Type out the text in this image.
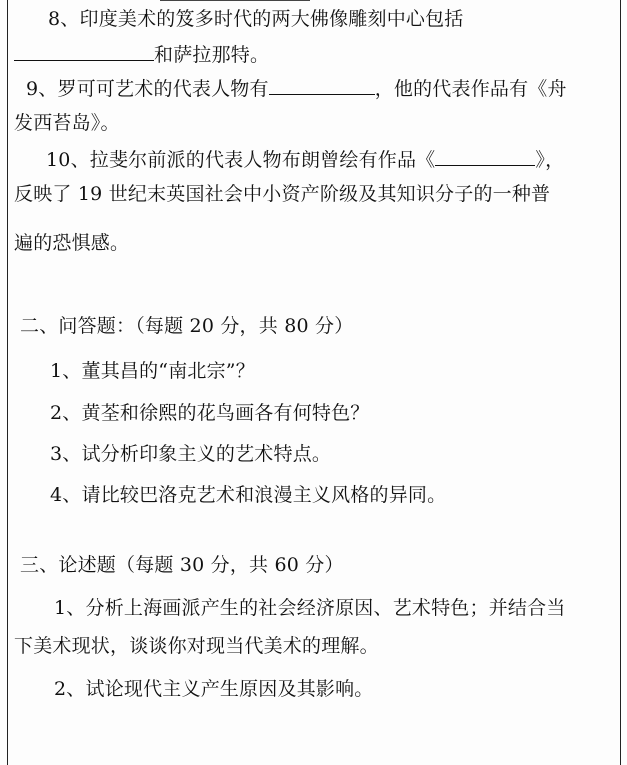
8、印度美术的笈多时代的两大佛像雕刻中心包括
和萨拉那特。
9、罗可可艺术的代表人物有	，他的代表作品有《舟
发西苔岛》。
10、拉斐尔前派的代表人物布朗曾绘有作品《	》，
反映了 19 世纪末英国社会中小资产阶级及其知识分子的一种普
遍的恐惧感。
二、问答题：（每题 20 分，共 80 分）
1、董其昌的“南北宗”？
2、黄荃和徐熙的花鸟画各有何特色？
3、试分析印象主义的艺术特点。
4、请比较巴洛克艺术和浪漫主义风格的异同。
三、论述题（每题 30 分，共 60 分）
1、分析上海画派产生的社会经济原因、艺术特色；并结合当
下美术现状，谈谈你对现当代美术的理解。
2、试论现代主义产生原因及其影响。
